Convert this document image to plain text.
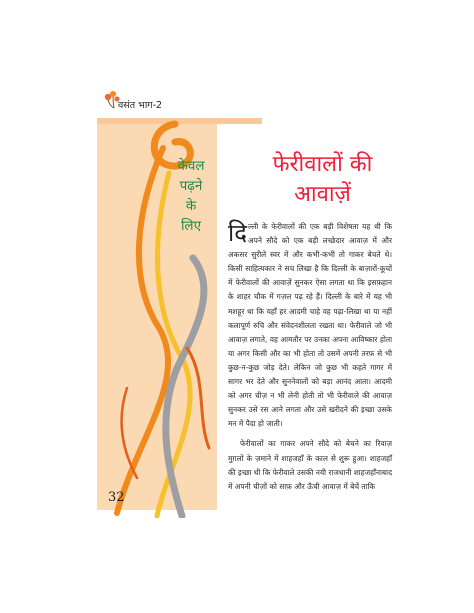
वसंत भाग-2
केवल
पढ़ने
के
लिए
32
फेरीवालों की
आवाज़ें

दिल्ली के फेरीवालों की एक बड़ी विशेषता यह थी कि अपने सौदे को एक बड़ी लच्छेदार आवाज़ में और अकसर सुरीले स्वर में और कभी-कभी तो गाकर बेचते थे। किसी साहित्यकार ने सच लिखा है कि दिल्ली के बाज़ारों-कूचों में फेरीवालों की आवाज़ें सुनकर ऐसा लगता था कि इसफ़हान के शाहर चौक में गज़ल पढ़ रहे हैं। दिल्ली के बारे में यह भी मशहूर था कि यहाँ हर आदमी चाहे वह पढ़ा-लिखा था या नहीं कलापूर्ण रुचि और संवेदनशीलता रखता था। फेरीवाले जो भी आवाज़ लगाते, वह आमतौर पर उनका अपना आविष्कार होता या अगर किसी और का भी होता तो उसमें अपनी तरफ़ से भी कुछ-न-कुछ जोड़ देते। लेकिन जो कुछ भी कहते गागर में सागर भर देते और सुननेवालों को बड़ा आनंद आता। आदमी को अगर चीज़ न भी लेनी होती तो भी फेरीवाले की आवाज़ सुनकर उसे रस आने लगता और उसे खरीदने की इच्छा उसके मन में पैदा हो जाती।

फेरीवालों का गाकर अपने सौदे को बेचने का रिवाज़ मुग़लों के ज़माने में शाहजहाँ के काल से शुरू हुआ। शाहजहाँ की इच्छा थी कि फेरीवाले उसकी नयी राजधानी शाहजहाँनाबाद में अपनी चीज़ों को साफ़ और ऊँची आवाज़ में बेचें ताकि
